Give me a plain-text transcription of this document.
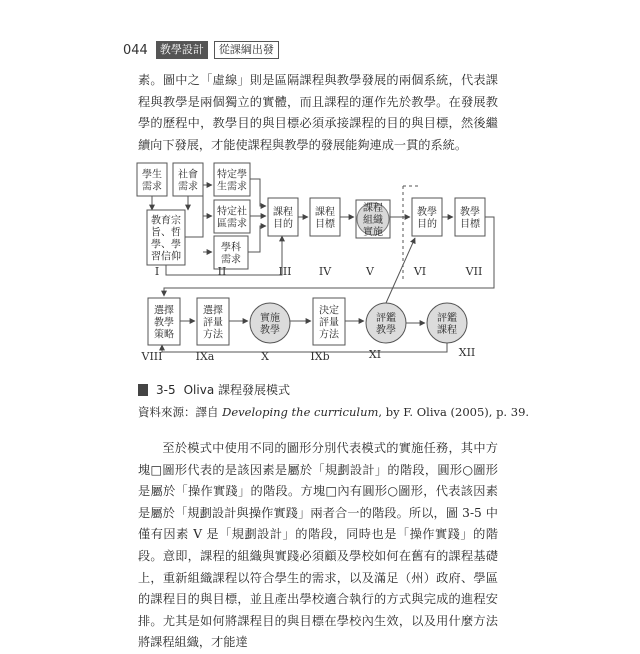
044	教學設計	從課綱出發

素。圖中之「虛線」則是區隔課程與教學發展的兩個系統，代表課程與教學是兩個獨立的實體，而且課程的運作先於教學。在發展教學的歷程中，教學目的與目標必須承接課程的目的與目標，然後繼續向下發展，才能使課程與教學的發展能夠連成一貫的系統。

學生
需求
社會
需求
教育宗
旨、哲
學、學
習信仰
特定學
生需求
特定社
區需求
學科
需求
課程
目的
課程
目標
課程
組織
實施
教學
目的
教學
目標
選擇
教學
策略
選擇
評量
方法
實施
教學
決定
評量
方法
評鑑
教學
評鑑
課程
I	II	III IV	V	VI	VII
VIII	IXa	X	IXb	XI	XII
3-5 Oliva 課程發展模式
資料來源：譯自 Developing the curriculum, by F. Oliva (2005), p. 39.

至於模式中使用不同的圖形分別代表模式的實施任務，其中方塊□圖形代表的是該因素是屬於「規劃設計」的階段，圓形○圖形是屬於「操作實踐」的階段。方塊□內有圓形○圖形，代表該因素是屬於「規劃設計與操作實踐」兩者合一的階段。所以，圖 3-5 中僅有因素 V 是「規劃設計」的階段，同時也是「操作實踐」的階段。意即，課程的組織與實踐必須顧及學校如何在舊有的課程基礎上，重新組織課程以符合學生的需求，以及滿足（州）政府、學區的課程目的與目標，並且產出學校適合執行的方式與完成的進程安排。尤其是如何將課程目的與目標在學校內生效，以及用什麼方法將課程組織，才能達
